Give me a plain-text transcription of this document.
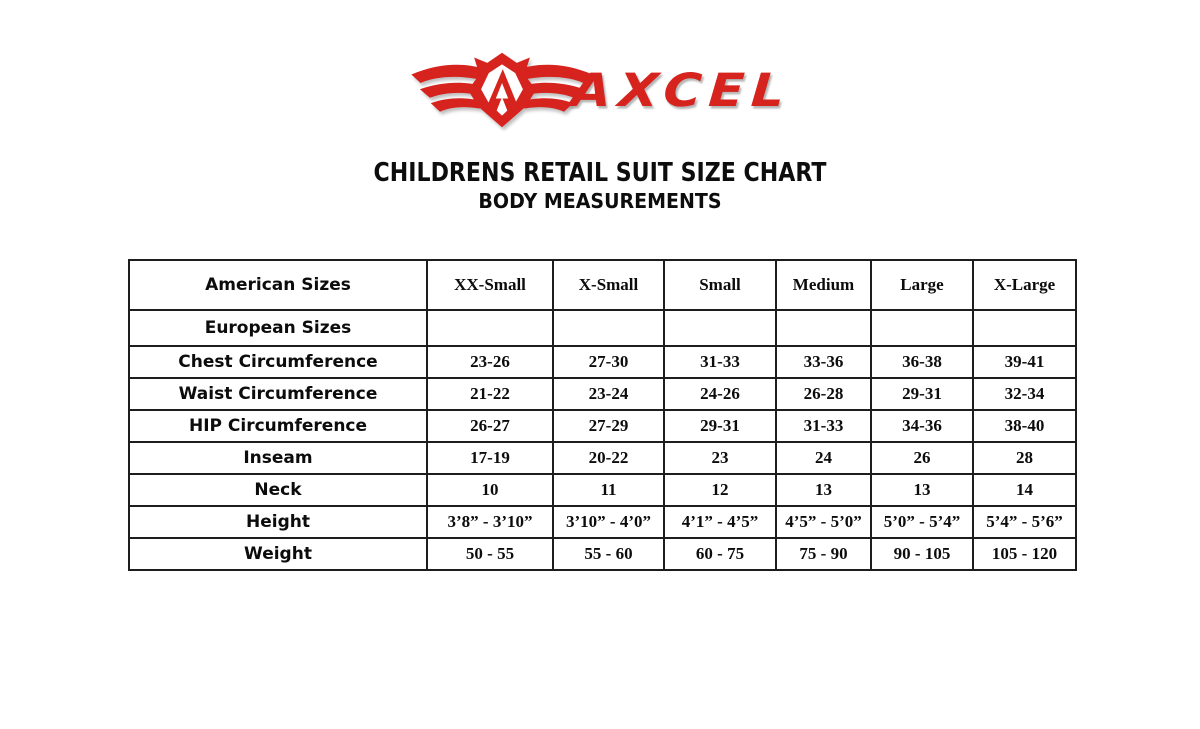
AXCEL
CHILDRENS RETAIL SUIT SIZE CHART
BODY MEASUREMENTS
American Sizes	XX-Small	X-Small	Small	Medium	Large	X-Large
European Sizes						
Chest Circumference	23-26	27-30	31-33	33-36	36-38	39-41
Waist Circumference	21-22	23-24	24-26	26-28	29-31	32-34
HIP Circumference	26-27	27-29	29-31	31-33	34-36	38-40
Inseam	17-19	20-22	23	24	26	28
Neck	10	11	12	13	13	14
Height	3’8” - 3’10”	3’10” - 4’0”	4’1” - 4’5”	4’5” - 5’0”	5’0” - 5’4”	5’4” - 5’6”
Weight	50 - 55	55 - 60	60 - 75	75 - 90	90 - 105	105 - 120
